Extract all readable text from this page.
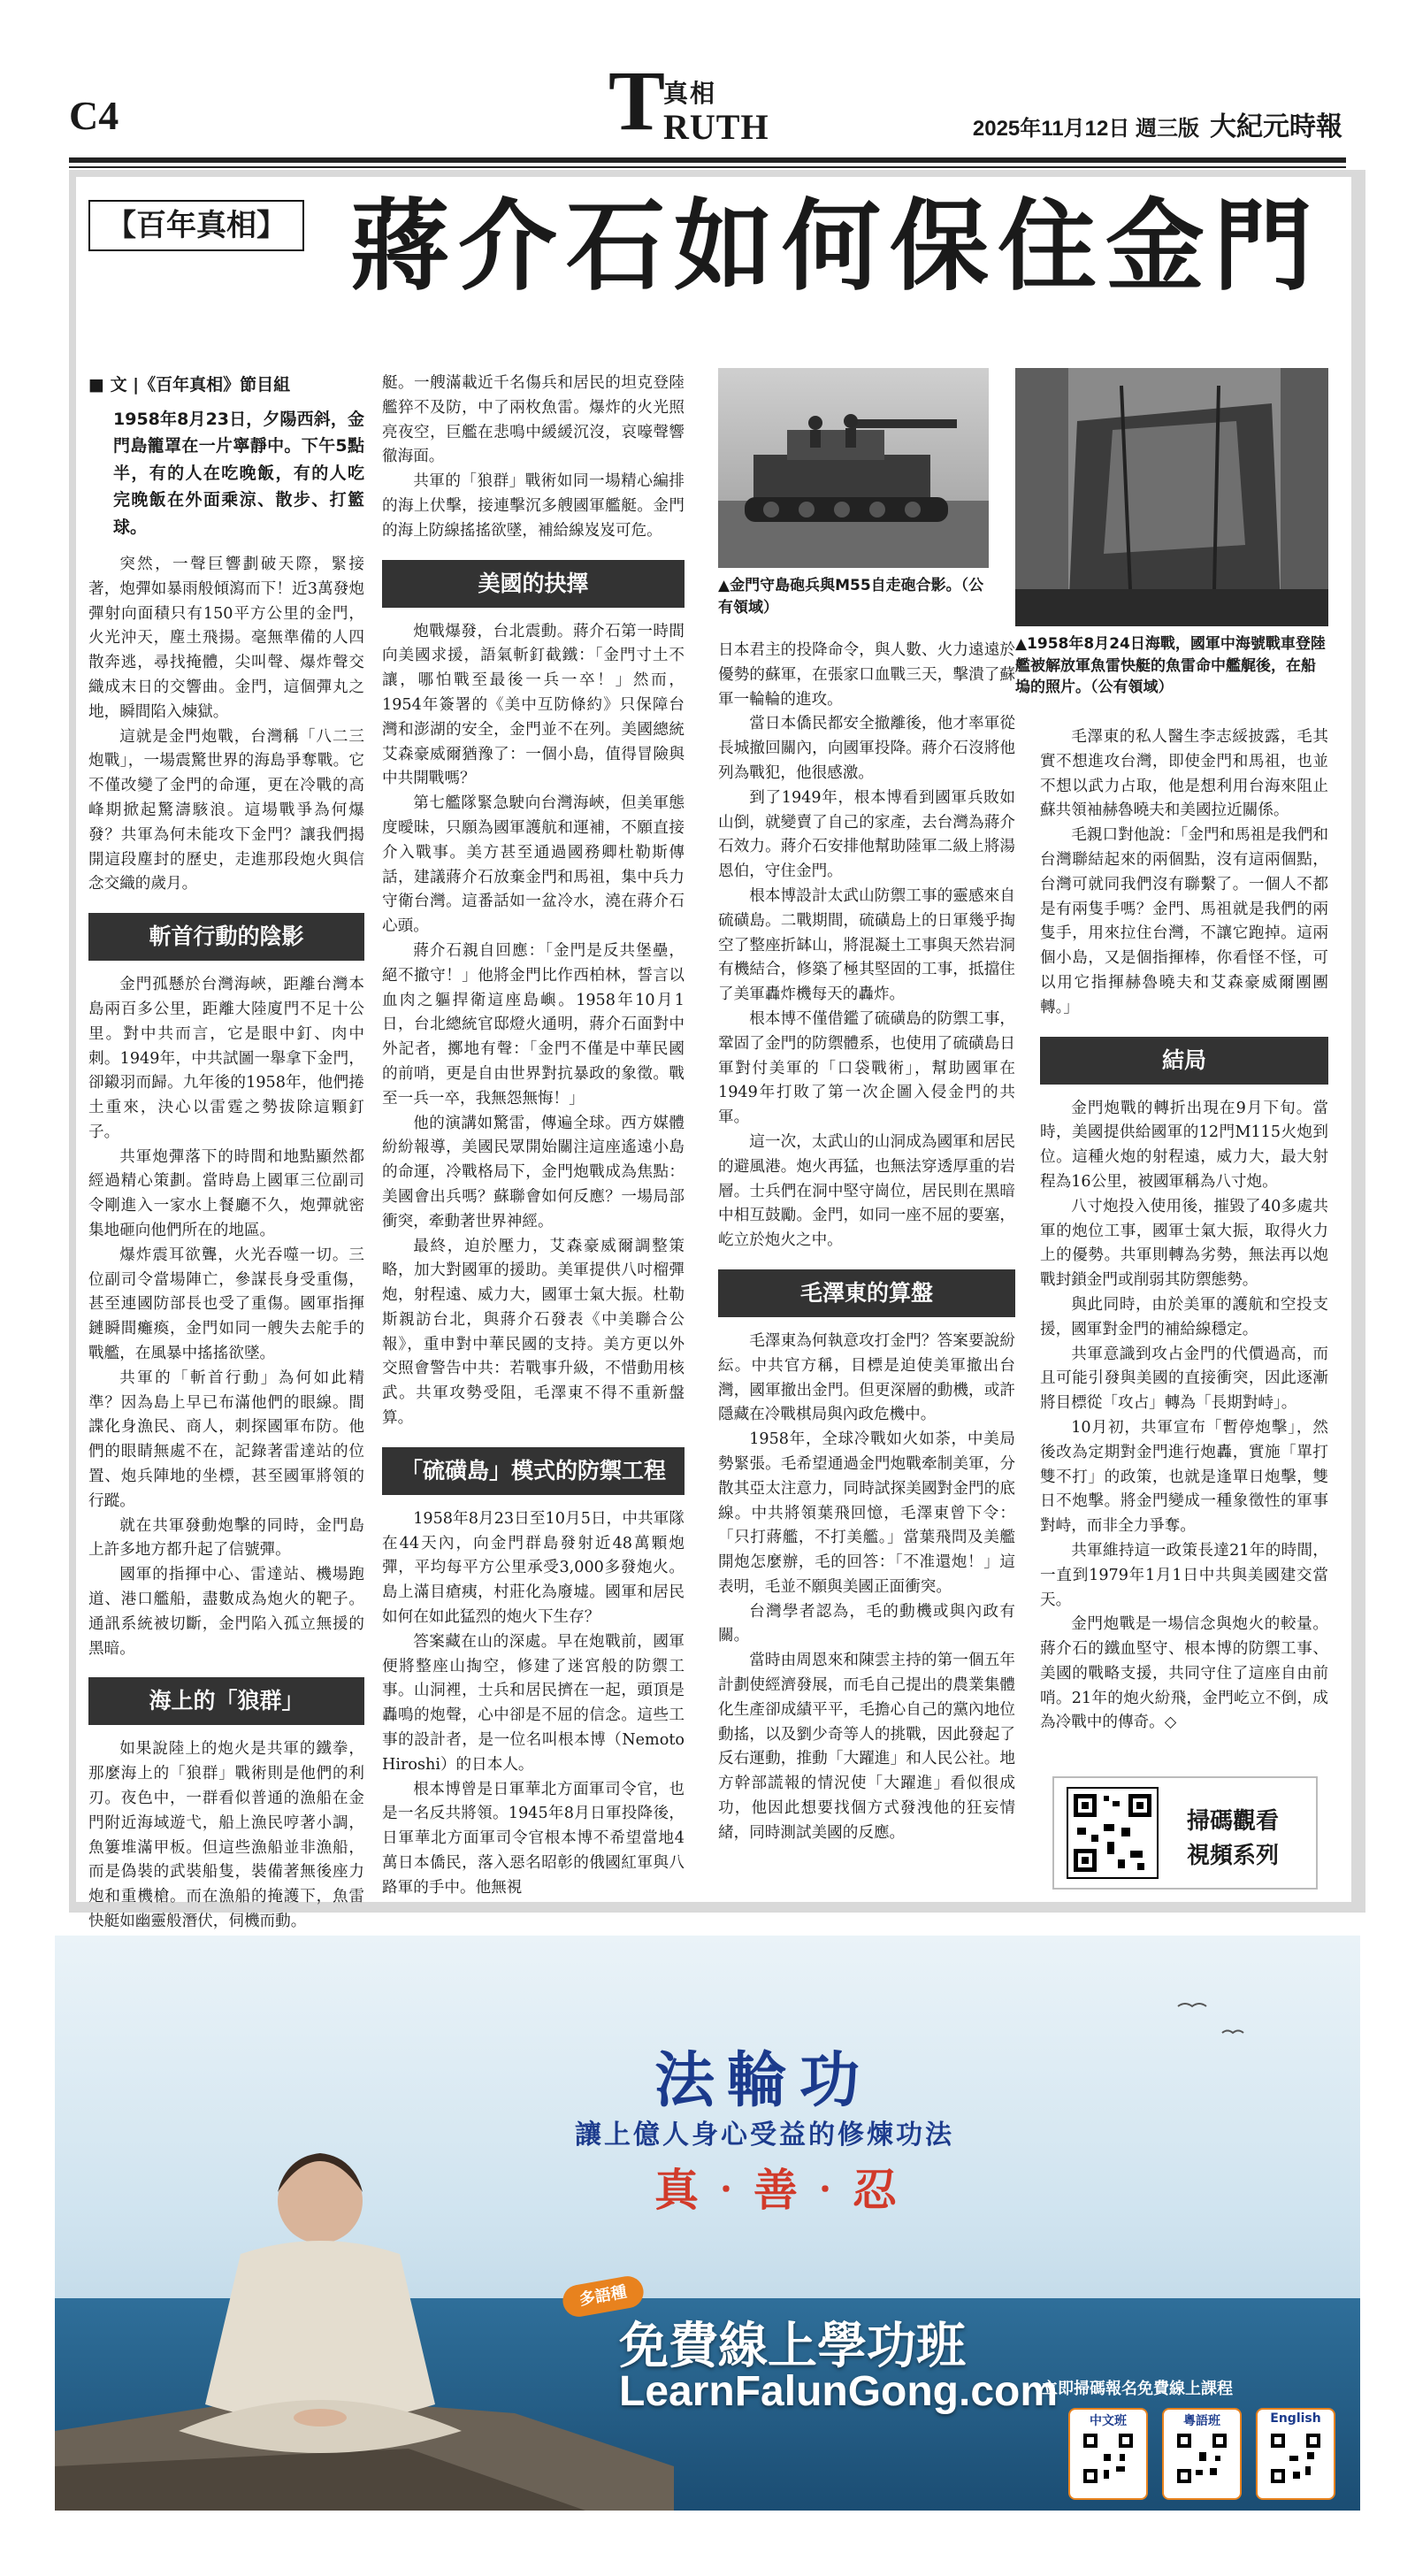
C4	T
真相
RUTH	2025年11月12日 週三版 大紀元時報
【百年真相】 蔣介石如何保住金門

■ 文 |《百年真相》節目組

1958年8月23日，夕陽西斜，金門島籠罩在一片寧靜中。下午5點半，有的人在吃晚飯，有的人吃完晚飯在外面乘涼、散步、打籃球。

突然，一聲巨響劃破天際，緊接著，炮彈如暴雨般傾瀉而下！近3萬發炮彈射向面積只有150平方公里的金門，火光沖天，塵土飛揚。毫無準備的人四散奔逃，尋找掩體，尖叫聲、爆炸聲交織成末日的交響曲。金門，這個彈丸之地，瞬間陷入煉獄。

這就是金門炮戰，台灣稱「八二三炮戰」，一場震驚世界的海島爭奪戰。它不僅改變了金門的命運，更在冷戰的高峰期掀起驚濤駭浪。這場戰爭為何爆發？共軍為何未能攻下金門？讓我們揭開這段塵封的歷史，走進那段炮火與信念交織的歲月。

斬首行動的陰影

金門孤懸於台灣海峽，距離台灣本島兩百多公里，距離大陸廈門不足十公里。對中共而言，它是眼中釘、肉中刺。1949年，中共試圖一舉拿下金門，卻鎩羽而歸。九年後的1958年，他們捲土重來，決心以雷霆之勢拔除這顆釘子。

共軍炮彈落下的時間和地點顯然都經過精心策劃。當時島上國軍三位副司令剛進入一家水上餐廳不久，炮彈就密集地砸向他們所在的地區。

爆炸震耳欲聾，火光吞噬一切。三位副司令當場陣亡，參謀長身受重傷，甚至連國防部長也受了重傷。國軍指揮鏈瞬間癱瘓，金門如同一艘失去舵手的戰艦，在風暴中搖搖欲墜。

共軍的「斬首行動」為何如此精準？因為島上早已布滿他們的眼線。間諜化身漁民、商人，刺探國軍布防。他們的眼睛無處不在，記錄著雷達站的位置、炮兵陣地的坐標，甚至國軍將領的行蹤。

就在共軍發動炮擊的同時，金門島上許多地方都升起了信號彈。

國軍的指揮中心、雷達站、機場跑道、港口艦船，盡數成為炮火的靶子。通訊系統被切斷，金門陷入孤立無援的黑暗。

海上的「狼群」

如果說陸上的炮火是共軍的鐵拳，那麼海上的「狼群」戰術則是他們的利刃。夜色中，一群看似普通的漁船在金門附近海域遊弋，船上漁民哼著小調，魚簍堆滿甲板。但這些漁船並非漁船，而是偽裝的武裝船隻，裝備著無後座力炮和重機槍。而在漁船的掩護下，魚雷快艇如幽靈般潛伏，伺機而動。

艇。一艘滿載近千名傷兵和居民的坦克登陸艦猝不及防，中了兩枚魚雷。爆炸的火光照亮夜空，巨艦在悲鳴中緩緩沉沒，哀嚎聲響徹海面。

共軍的「狼群」戰術如同一場精心編排的海上伏擊，接連擊沉多艘國軍艦艇。金門的海上防線搖搖欲墜，補給線岌岌可危。

美國的抉擇

炮戰爆發，台北震動。蔣介石第一時間向美國求援，語氣斬釘截鐵：「金門寸土不讓，哪怕戰至最後一兵一卒！」然而，1954年簽署的《美中互防條約》只保障台灣和澎湖的安全，金門並不在列。美國總統艾森豪威爾猶豫了：一個小島，值得冒險與中共開戰嗎？

第七艦隊緊急駛向台灣海峽，但美軍態度曖昧，只願為國軍護航和運補，不願直接介入戰事。美方甚至通過國務卿杜勒斯傳話，建議蔣介石放棄金門和馬祖，集中兵力守衛台灣。這番話如一盆冷水，澆在蔣介石心頭。

蔣介石親自回應：「金門是反共堡壘，絕不撤守！」他將金門比作西柏林，誓言以血肉之軀捍衛這座島嶼。1958年10月1日，台北總統官邸燈火通明，蔣介石面對中外記者，擲地有聲：「金門不僅是中華民國的前哨，更是自由世界對抗暴政的象徵。戰至一兵一卒，我無怨無悔！」

他的演講如驚雷，傳遍全球。西方媒體紛紛報導，美國民眾開始關注這座遙遠小島的命運，冷戰格局下，金門炮戰成為焦點：美國會出兵嗎？蘇聯會如何反應？一場局部衝突，牽動著世界神經。

最終，迫於壓力，艾森豪威爾調整策略，加大對國軍的援助。美軍提供八吋榴彈炮，射程遠、威力大，國軍士氣大振。杜勒斯親訪台北，與蔣介石發表《中美聯合公報》，重申對中華民國的支持。美方更以外交照會警告中共：若戰事升級，不惜動用核武。共軍攻勢受阻，毛澤東不得不重新盤算。

「硫磺島」模式的防禦工程

1958年8月23日至10月5日，中共軍隊在44天內，向金門群島發射近48萬顆炮彈，平均每平方公里承受3,000多發炮火。島上滿目瘡痍，村莊化為廢墟。國軍和居民如何在如此猛烈的炮火下生存？

答案藏在山的深處。早在炮戰前，國軍便將整座山掏空，修建了迷宮般的防禦工事。山洞裡，士兵和居民擠在一起，頭頂是轟鳴的炮聲，心中卻是不屈的信念。這些工事的設計者，是一位名叫根本博（Nemoto Hiroshi）的日本人。

根本博曾是日軍華北方面軍司令官，也是一名反共將領。1945年8月日軍投降後，日軍華北方面軍司令官根本博不希望當地4萬日本僑民，落入惡名昭彰的俄國紅軍與八路軍的手中。他無視

▲金門守島砲兵與M55自走砲合影。（公有領域）
▲1958年8月24日海戰，國軍中海號戰車登陸艦被解放軍魚雷快艇的魚雷命中艦艉後，在船塢的照片。（公有領域）

日本君主的投降命令，與人數、火力遠遠於優勢的蘇軍，在張家口血戰三天，擊潰了蘇軍一輪輪的進攻。

當日本僑民都安全撤離後，他才率軍從長城撤回關內，向國軍投降。蔣介石沒將他列為戰犯，他很感激。

到了1949年，根本博看到國軍兵敗如山倒，就變賣了自己的家產，去台灣為蔣介石效力。蔣介石安排他幫助陸軍二級上將湯恩伯，守住金門。

根本博設計太武山防禦工事的靈感來自硫磺島。二戰期間，硫磺島上的日軍幾乎掏空了整座折缽山，將混凝土工事與天然岩洞有機結合，修築了極其堅固的工事，抵擋住了美軍轟炸機每天的轟炸。

根本博不僅借鑑了硫磺島的防禦工事，鞏固了金門的防禦體系，也使用了硫磺島日軍對付美軍的「口袋戰術」，幫助國軍在1949年打敗了第一次企圖入侵金門的共軍。

這一次，太武山的山洞成為國軍和居民的避風港。炮火再猛，也無法穿透厚重的岩層。士兵們在洞中堅守崗位，居民則在黑暗中相互鼓勵。金門，如同一座不屈的要塞，屹立於炮火之中。

毛澤東的算盤

毛澤東為何執意攻打金門？答案要說紛紜。中共官方稱，目標是迫使美軍撤出台灣，國軍撤出金門。但更深層的動機，或許隱藏在冷戰棋局與內政危機中。

1958年，全球冷戰如火如荼，中美局勢緊張。毛希望通過金門炮戰牽制美軍，分散其亞太注意力，同時試探美國對金門的底線。中共將領葉飛回憶，毛澤東曾下令：「只打蔣艦，不打美艦。」當葉飛問及美艦開炮怎麼辦，毛的回答：「不准還炮！」這表明，毛並不願與美國正面衝突。

台灣學者認為，毛的動機或與內政有關。

當時由周恩來和陳雲主持的第一個五年計劃使經濟發展，而毛自己提出的農業集體化生產卻成績平平，毛擔心自己的黨內地位動搖，以及劉少奇等人的挑戰，因此發起了反右運動，推動「大躍進」和人民公社。地方幹部謊報的情況使「大躍進」看似很成功，他因此想要找個方式發洩他的狂妄情緒，同時測試美國的反應。

毛澤東的私人醫生李志綏披露，毛其實不想進攻台灣，即使金門和馬祖，也並不想以武力占取，他是想利用台海來阻止蘇共領袖赫魯曉夫和美國拉近關係。

毛親口對他說：「金門和馬祖是我們和台灣聯結起來的兩個點，沒有這兩個點，台灣可就同我們沒有聯繫了。一個人不都是有兩隻手嗎？金門、馬祖就是我們的兩隻手，用來拉住台灣，不讓它跑掉。這兩個小島，又是個指揮棒，你看怪不怪，可以用它指揮赫魯曉夫和艾森豪威爾團團轉。」

結局

金門炮戰的轉折出現在9月下旬。當時，美國提供給國軍的12門M115火炮到位。這種火炮的射程遠，威力大，最大射程為16公里，被國軍稱為八寸炮。

八寸炮投入使用後，摧毀了40多處共軍的炮位工事，國軍士氣大振，取得火力上的優勢。共軍則轉為劣勢，無法再以炮戰封鎖金門或削弱其防禦態勢。

與此同時，由於美軍的護航和空投支援，國軍對金門的補給線穩定。

共軍意識到攻占金門的代價過高，而且可能引發與美國的直接衝突，因此逐漸將目標從「攻占」轉為「長期對峙」。

10月初，共軍宣布「暫停炮擊」，然後改為定期對金門進行炮轟，實施「單打雙不打」的政策，也就是逢單日炮擊，雙日不炮擊。將金門變成一種象徵性的軍事對峙，而非全力爭奪。

共軍維持這一政策長達21年的時間，一直到1979年1月1日中共與美國建交當天。

金門炮戰是一場信念與炮火的較量。蔣介石的鐵血堅守、根本博的防禦工事、美國的戰略支援，共同守住了這座自由前哨。21年的炮火紛飛，金門屹立不倒，成為冷戰中的傳奇。◇

掃碼觀看視頻系列
法輪功
讓上億人身心受益的修煉功法
真‧善‧忍
多語種
免費線上學功班
LearnFalunGong.com
立即掃碼報名免費線上課程
中文班	粵語班	English
